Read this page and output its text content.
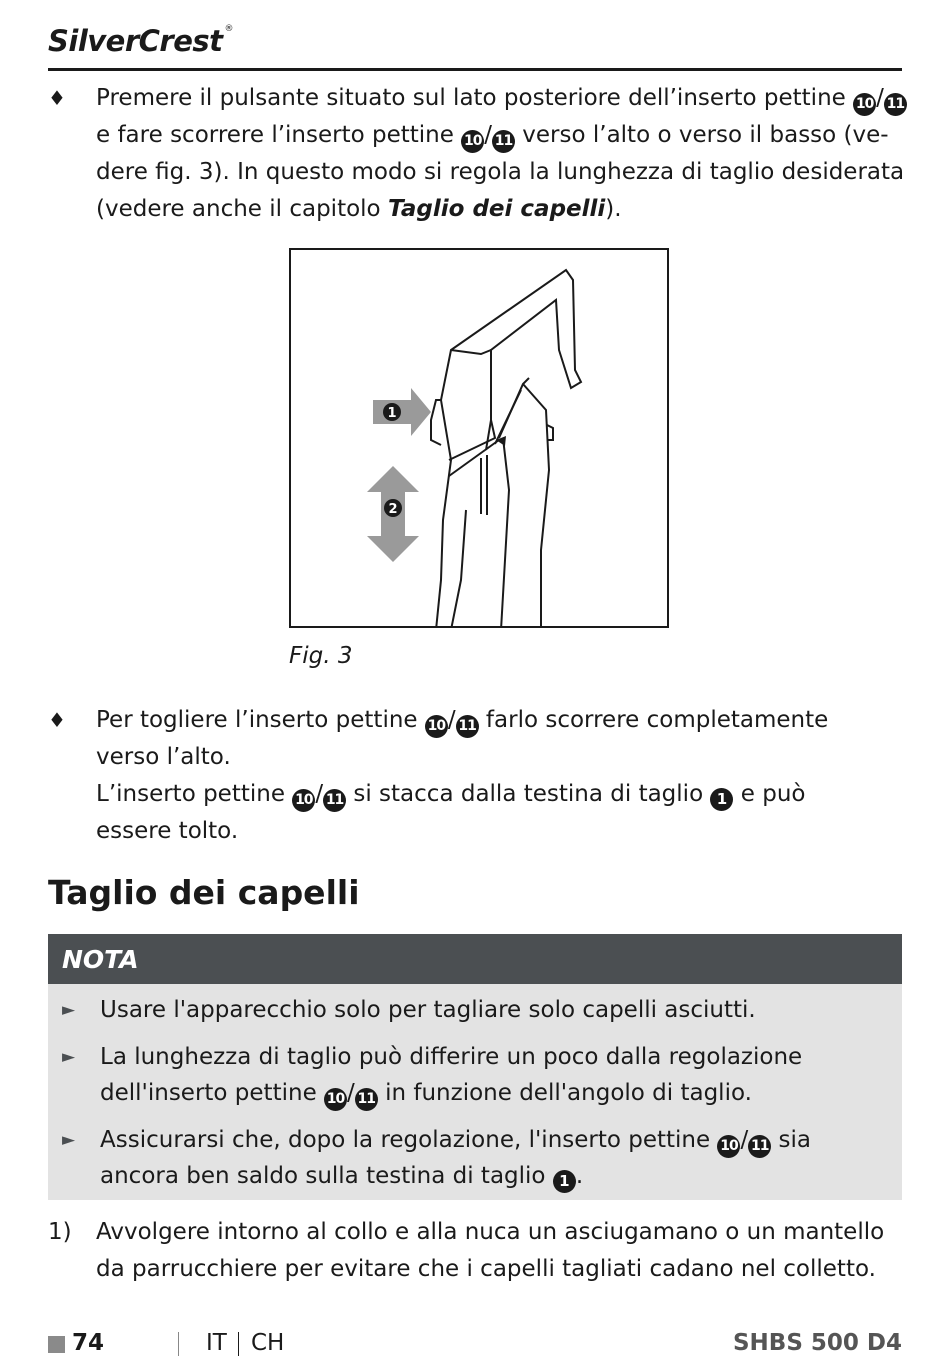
SilverCrest ®
♦ Premere il pulsante situato sul lato posteriore dell’inserto pettine 10 / 11
e fare scorrere l’inserto pettine 10 / 11 verso l’alto o verso il basso (ve-
dere fig. 3). In questo modo si regola la lunghezza di taglio desiderata
(vedere anche il capitolo Taglio dei capelli).
1
2
Fig. 3
♦ Per togliere l’inserto pettine 10 / 11 farlo scorrere completamente
verso l’alto.
L’inserto pettine 10 / 11 si stacca dalla testina di taglio 1 e può
essere tolto.
Taglio dei capelli
NOTA
► Usare l'apparecchio solo per tagliare solo capelli asciutti.
► La lunghezza di taglio può differire un poco dalla regolazione
dell'inserto pettine 10 / 11 in funzione dell'angolo di taglio.
► Assicurarsi che, dopo la regolazione, l'inserto pettine 10 / 11 sia
ancora ben saldo sulla testina di taglio 1 .
1) Avvolgere intorno al collo e alla nuca un asciugamano o un mantello
da parrucchiere per evitare che i capelli tagliati cadano nel colletto.
74	IT CH	SHBS 500 D4
